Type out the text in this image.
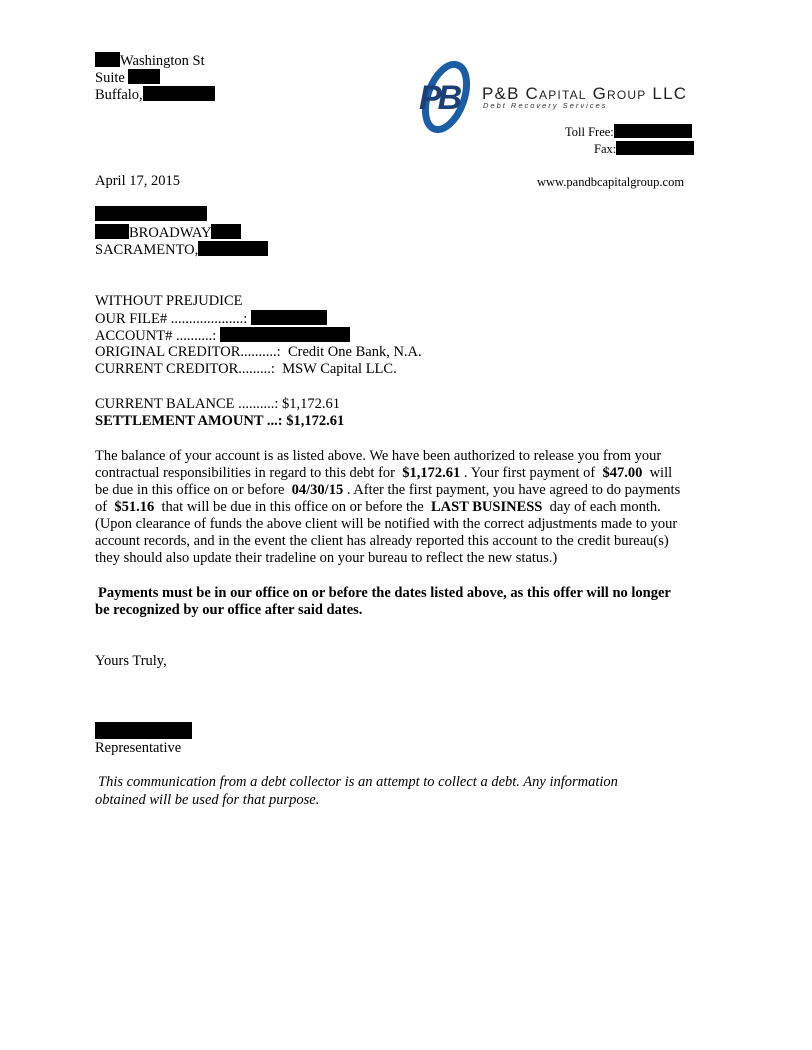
Washington St
Suite
Buffalo,	PB P&B Capital Group LLC
Debt Recovery Services
Toll Free:
Fax:
www.pandbcapitalgroup.com
April 17, 2015
BROADWAY
SACRAMENTO,
WITHOUT PREJUDICE
OUR FILE# ....................:
ACCOUNT# ..........:
ORIGINAL CREDITOR..........: Credit One Bank, N.A.
CURRENT CREDITOR.........: MSW Capital LLC.
CURRENT BALANCE ..........: $1,172.61
SETTLEMENT AMOUNT ...: $1,172.61
The balance of your account is as listed above. We have been authorized to release you from your
contractual responsibilities in regard to this debt for $1,172.61 . Your first payment of $47.00 will
be due in this office on or before 04/30/15 . After the first payment, you have agreed to do payments
of $51.16 that will be due in this office on or before the LAST BUSINESS day of each month.
(Upon clearance of funds the above client will be notified with the correct adjustments made to your
account records, and in the event the client has already reported this account to the credit bureau(s)
they should also update their tradeline on your bureau to reflect the new status.)
Payments must be in our office on or before the dates listed above, as this offer will no longer
be recognized by our office after said dates.
Yours Truly,
Representative
This communication from a debt collector is an attempt to collect a debt. Any information
obtained will be used for that purpose.
